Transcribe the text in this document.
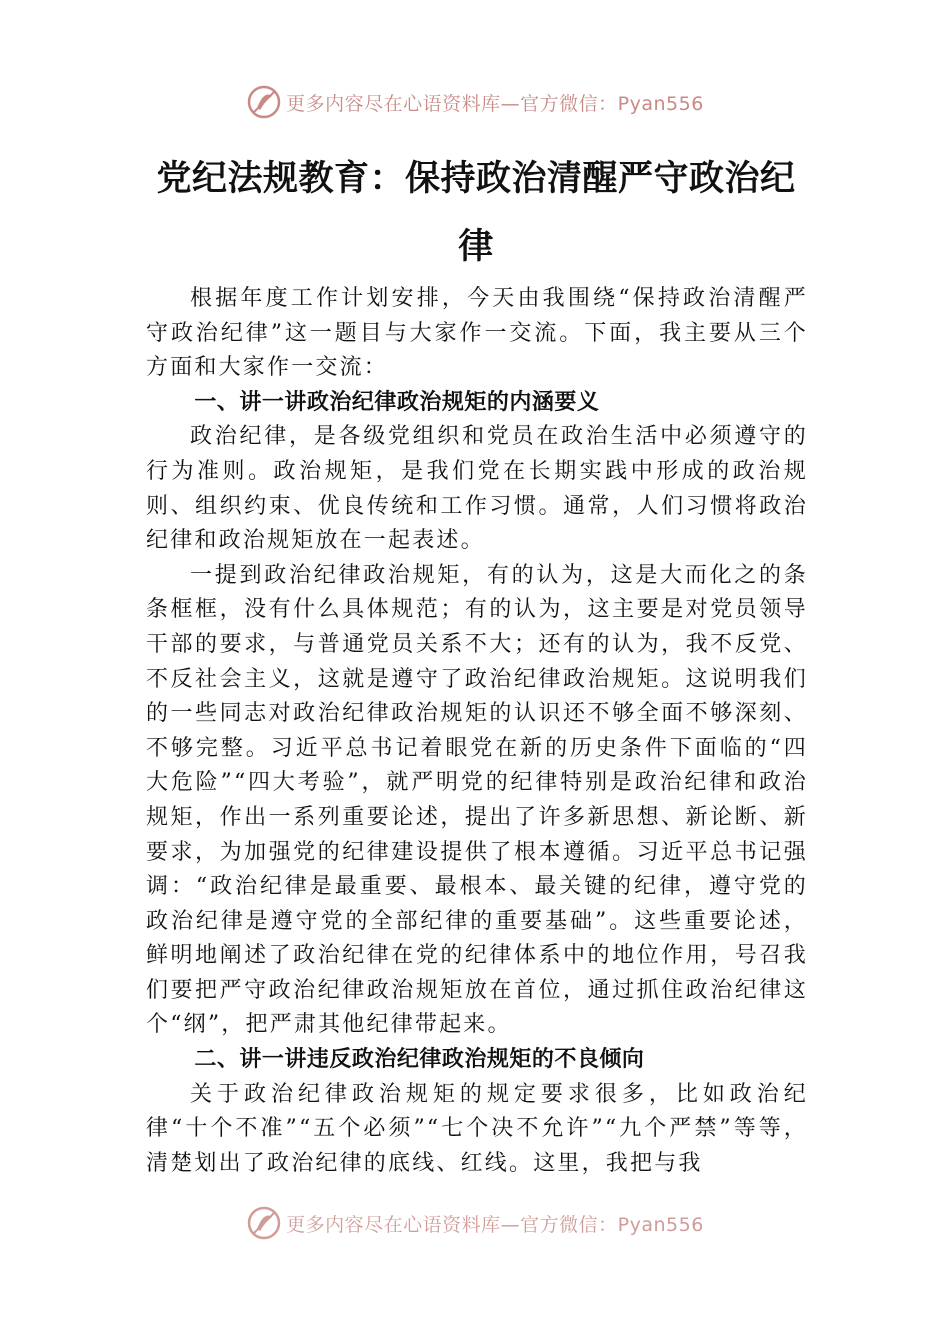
更多内容尽在心语资料库—官方微信：Pyan556
党纪法规教育：保持政治清醒严守政治纪
律

根据年度工作计划安排，今天由我围绕“保持政治清醒严守政治纪律”这一题目与大家作一交流。下面，我主要从三个方面和大家作一交流：

一、讲一讲政治纪律政治规矩的内涵要义

政治纪律，是各级党组织和党员在政治生活中必须遵守的行为准则。政治规矩，是我们党在长期实践中形成的政治规则、组织约束、优良传统和工作习惯。通常，人们习惯将政治纪律和政治规矩放在一起表述。

一提到政治纪律政治规矩，有的认为，这是大而化之的条条框框，没有什么具体规范；有的认为，这主要是对党员领导干部的要求，与普通党员关系不大；还有的认为，我不反党、不反社会主义，这就是遵守了政治纪律政治规矩。这说明我们的一些同志对政治纪律政治规矩的认识还不够全面不够深刻、不够完整。习近平总书记着眼党在新的历史条件下面临的“四大危险”“四大考验”，就严明党的纪律特别是政治纪律和政治规矩，作出一系列重要论述，提出了许多新思想、新论断、新要求，为加强党的纪律建设提供了根本遵循。习近平总书记强调：“政治纪律是最重要、最根本、最关键的纪律，遵守党的政治纪律是遵守党的全部纪律的重要基础”。这些重要论述，鲜明地阐述了政治纪律在党的纪律体系中的地位作用，号召我们要把严守政治纪律政治规矩放在首位，通过抓住政治纪律这个“纲”，把严肃其他纪律带起来。

二、讲一讲违反政治纪律政治规矩的不良倾向

关于政治纪律政治规矩的规定要求很多，比如政治纪律“十个不准”“五个必须”“七个决不允许”“九个严禁”等等，清楚划出了政治纪律的底线、红线。这里，我把与我

更多内容尽在心语资料库—官方微信：Pyan556
